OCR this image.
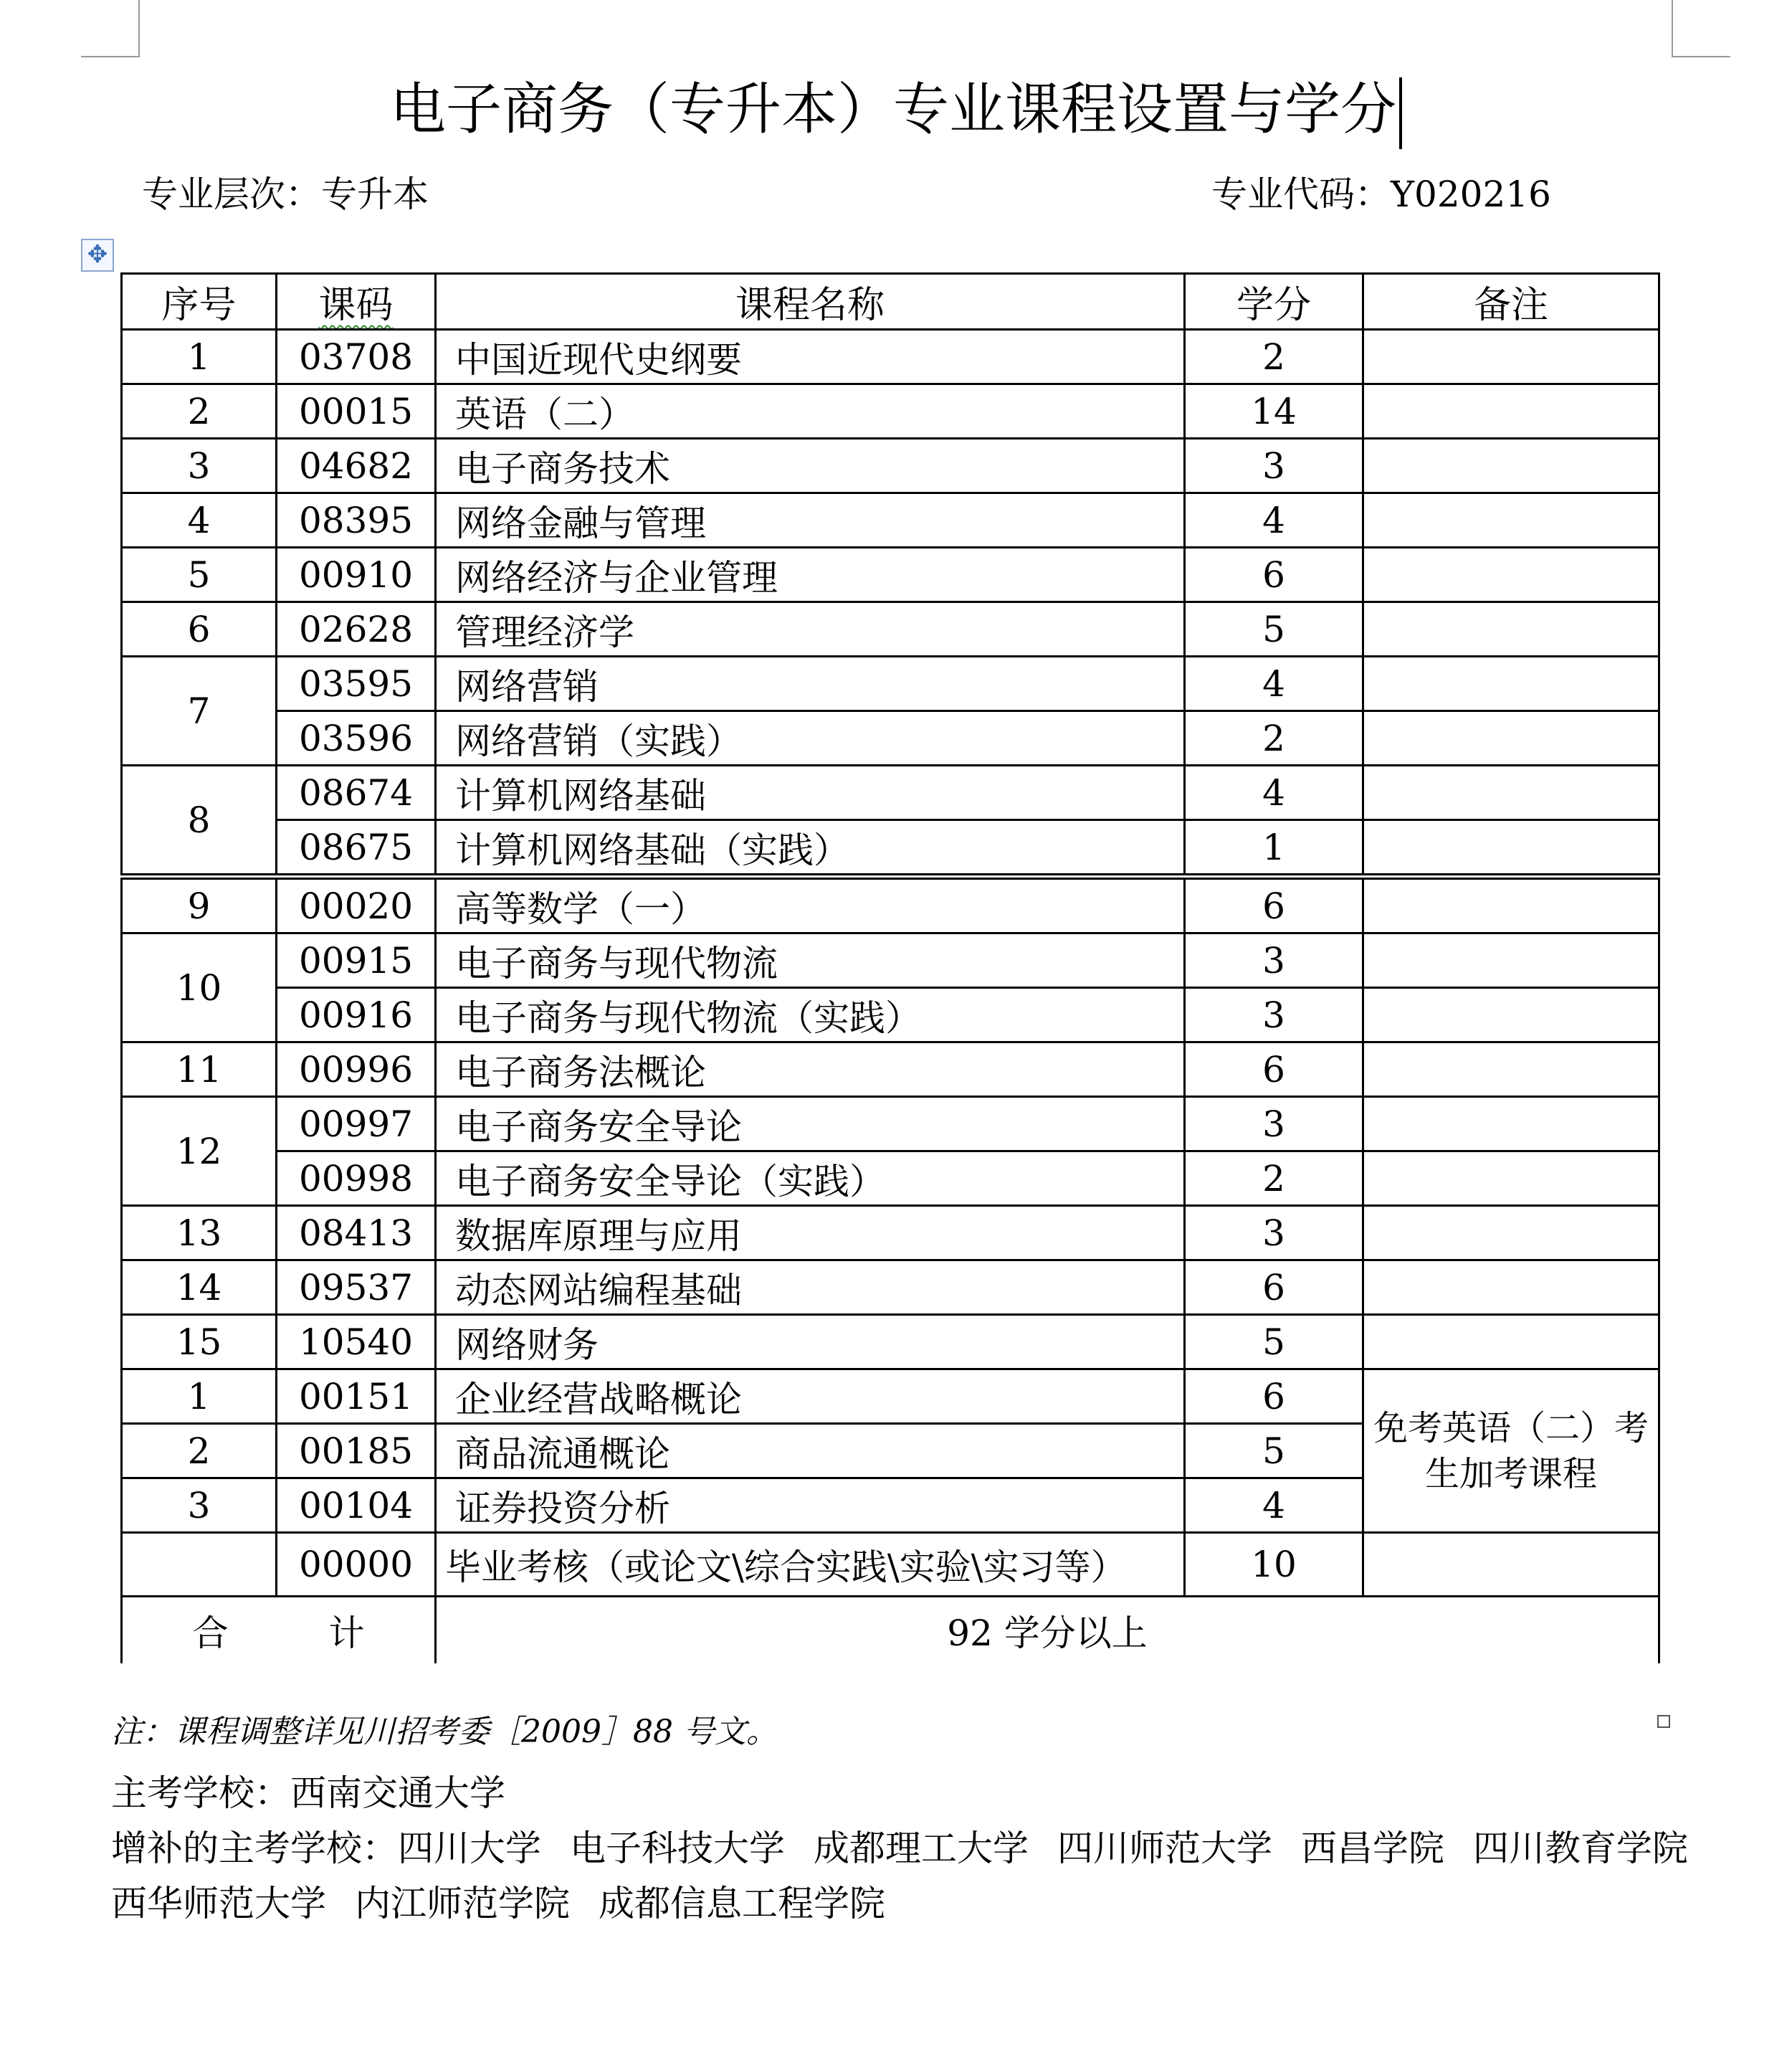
电子商务（专升本）专业课程设置与学分
专业层次：专升本	专业代码：Y020216
✥
序号	课码	课程名称	学分	备注
1	03708	中国近现代史纲要	2	
2	00015	英语（二）	14	
3	04682	电子商务技术	3	
4	08395	网络金融与管理	4	
5	00910	网络经济与企业管理	6	
6	02628	管理经济学	5	
7	03595	网络营销	4	
	03596	网络营销（实践）	2	
8	08674	计算机网络基础	4	
	08675	计算机网络基础（实践）	1	
9	00020	高等数学（一）	6	
10	00915	电子商务与现代物流	3	
	00916	电子商务与现代物流（实践）	3	
11	00996	电子商务法概论	6	
12	00997	电子商务安全导论	3	
	00998	电子商务安全导论（实践）	2	
13	08413	数据库原理与应用	3	
14	09537	动态网站编程基础	6	
15	10540	网络财务	5	
1	00151	企业经营战略概论	6	免考英语（二）考生加考课程
2	00185	商品流通概论	5	
3	00104	证券投资分析	4	
	00000	毕业考核（或论文\综合实践\实验\实习等）	10	
合 计		92 学分以上		
注：课程调整详见川招考委［2009］88 号文。
主考学校：西南交通大学
增补的主考学校：四川大学 电子科技大学 成都理工大学 四川师范大学 西昌学院 四川教育学院
西华师范大学 内江师范学院 成都信息工程学院
